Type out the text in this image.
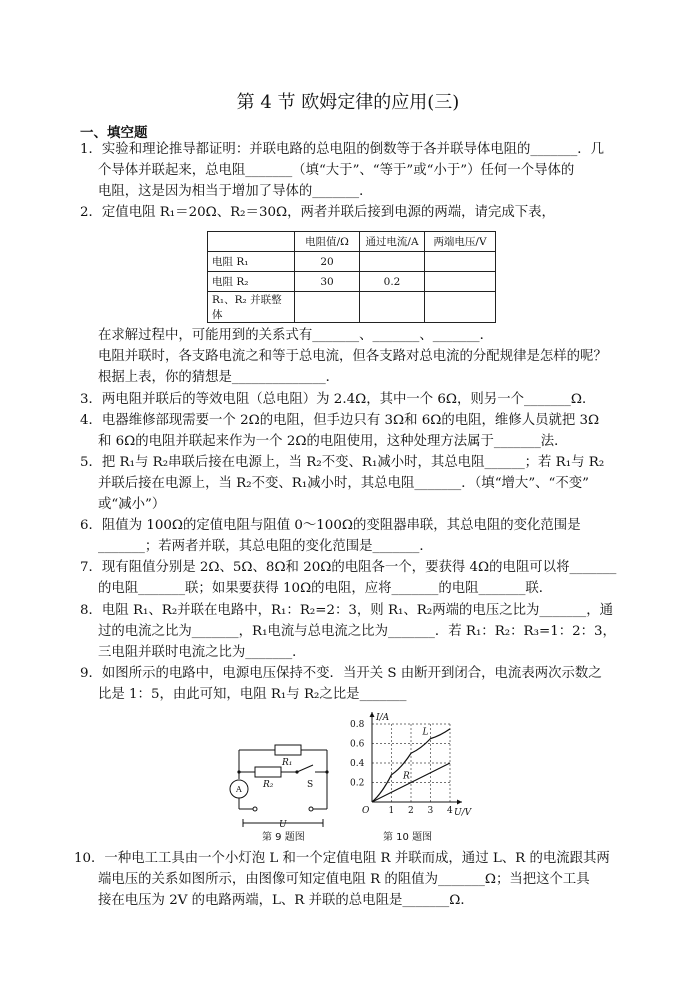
第 4 节 欧姆定律的应用(三)
一、填空题
1．实验和理论推导都证明：并联电路的总电阻的倒数等于各并联导体电阻的_______．几
个导体并联起来，总电阻_______（填“大于”、“等于”或“小于”）任何一个导体的
电阻，这是因为相当于增加了导体的_______．
2．定值电阻 R₁＝20Ω、R₂＝30Ω，两者并联后接到电源的两端，请完成下表，
	电阻值/Ω	通过电流/A	两端电压/V
电阻 R₁	20		
电阻 R₂	30	0.2	
R₁、R₂ 并联整体			
在求解过程中，可能用到的关系式有_______、_______、_______．
电阻并联时，各支路电流之和等于总电流，但各支路对总电流的分配规律是怎样的呢？
根据上表，你的猜想是______________．
3．两电阻并联后的等效电阻（总电阻）为 2.4Ω，其中一个 6Ω，则另一个_______Ω．
4．电器维修部现需要一个 2Ω的电阻，但手边只有 3Ω和 6Ω的电阻，维修人员就把 3Ω
和 6Ω的电阻并联起来作为一个 2Ω的电阻使用，这种处理方法属于_______法．
5．把 R₁与 R₂串联后接在电源上，当 R₂不变、R₁减小时，其总电阻______；若 R₁与 R₂
并联后接在电源上，当 R₂不变、R₁减小时，其总电阻_______．（填“增大”、“不变”
或“减小”）
6．阻值为 100Ω的定值电阻与阻值 0～100Ω的变阻器串联，其总电阻的变化范围是
_______；若两者并联，其总电阻的变化范围是_______．
7．现有阻值分别是 2Ω、5Ω、8Ω和 20Ω的电阻各一个，要获得 4Ω的电阻可以将_______
的电阻_______联；如果要获得 10Ω的电阻，应将_______的电阻_______联．
8．电阻 R₁、R₂并联在电路中，R₁：R₂=2：3，则 R₁、R₂两端的电压之比为_______，通
过的电流之比为_______，R₁电流与总电流之比为_______．若 R₁：R₂：R₃=1：2：3，
三电阻并联时电流之比为_______．
9．如图所示的电路中，电源电压保持不变．当开关 S 由断开到闭合，电流表两次示数之
比是 1：5，由此可知，电阻 R₁与 R₂之比是_______
R₁
R₂	S
A
U
第 9 题图
1 2 3 4
0.2
0.4
0.6
0.8
O	U/V
I/A
L
R
第 10 题图
10．一种电工工具由一个小灯泡 L 和一个定值电阻 R 并联而成，通过 L、R 的电流跟其两
端电压的关系如图所示，由图像可知定值电阻 R 的阻值为_______Ω；当把这个工具
接在电压为 2V 的电路两端，L、R 并联的总电阻是_______Ω．
